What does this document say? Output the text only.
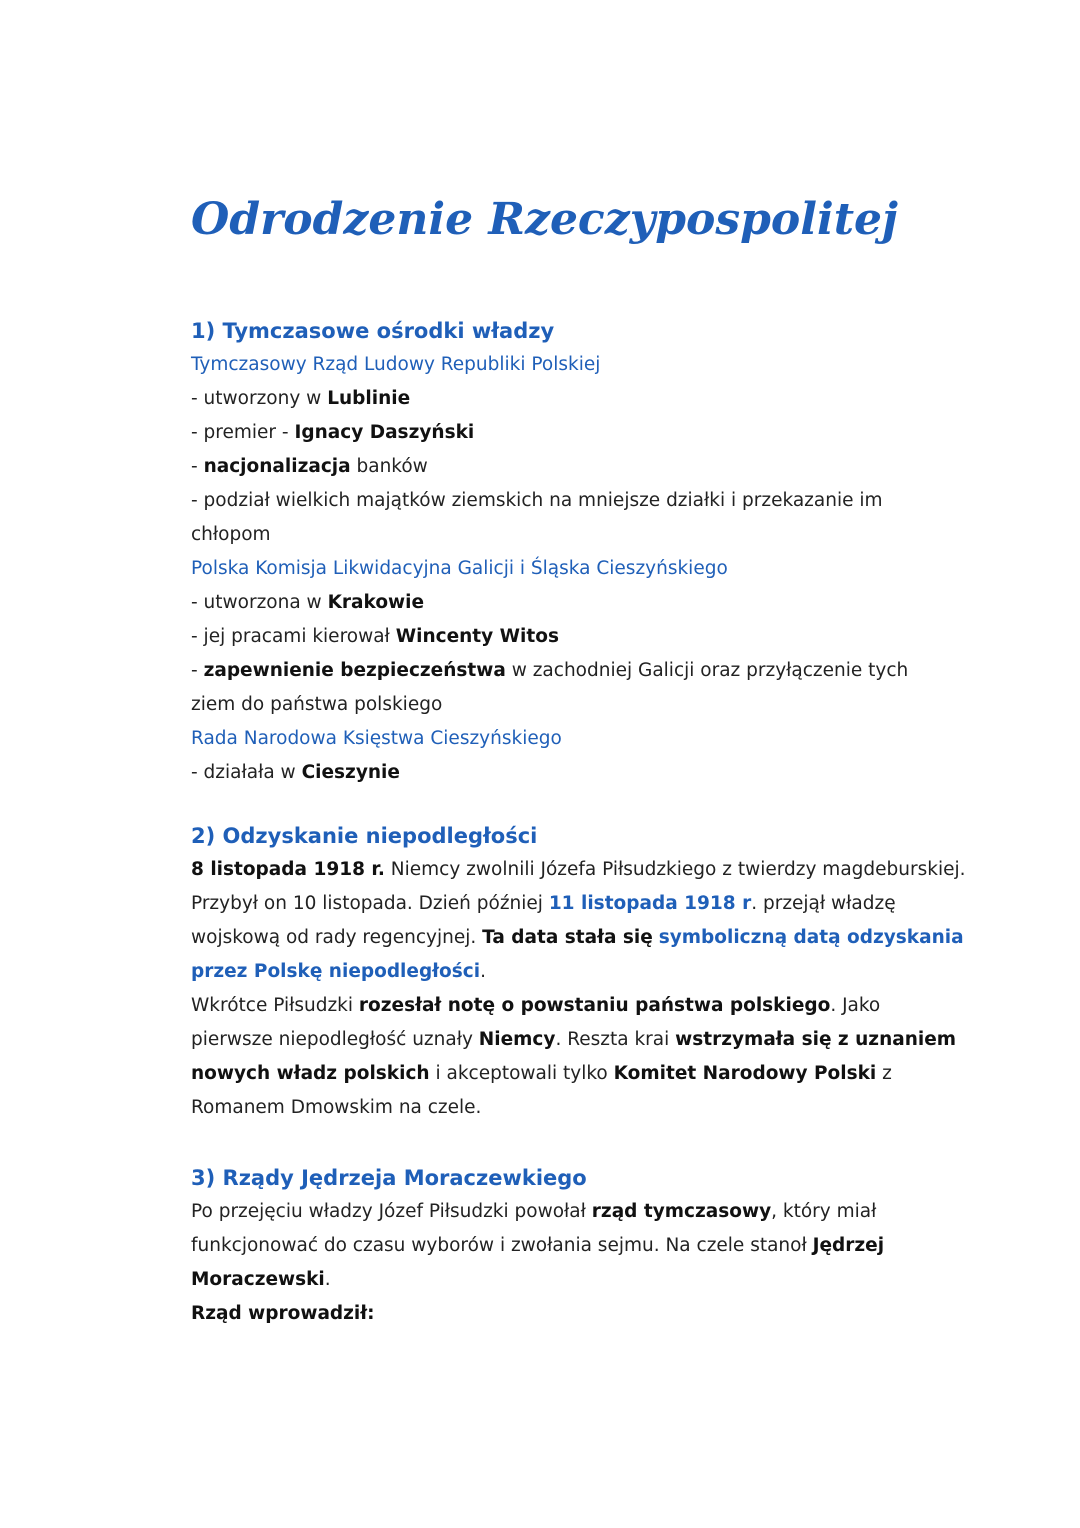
Odrodzenie Rzeczypospolitej
1) Tymczasowe ośrodki władzy

Tymczasowy Rząd Ludowy Republiki Polskiej

- utworzony w Lublinie

- premier - Ignacy Daszyński

- nacjonalizacja banków

- podział wielkich majątków ziemskich na mniejsze działki i przekazanie im chłopom

Polska Komisja Likwidacyjna Galicji i Śląska Cieszyńskiego

- utworzona w Krakowie

- jej pracami kierował Wincenty Witos

- zapewnienie bezpieczeństwa w zachodniej Galicji oraz przyłączenie tych ziem do państwa polskiego

Rada Narodowa Księstwa Cieszyńskiego

- działała w Cieszynie

2) Odzyskanie niepodległości

8 listopada 1918 r. Niemcy zwolnili Józefa Piłsudzkiego z twierdzy magdeburskiej. Przybył on 10 listopada. Dzień później 11 listopada 1918 r. przejął władzę wojskową od rady regencyjnej. Ta data stała się symboliczną datą odzyskania przez Polskę niepodległości.

Wkrótce Piłsudzki rozesłał notę o powstaniu państwa polskiego. Jako pierwsze niepodległość uznały Niemcy. Reszta krai wstrzymała się z uznaniem nowych władz polskich i akceptowali tylko Komitet Narodowy Polski z Romanem Dmowskim na czele.

3) Rządy Jędrzeja Moraczewkiego

Po przejęciu władzy Józef Piłsudzki powołał rząd tymczasowy, który miał funkcjonować do czasu wyborów i zwołania sejmu. Na czele stanoł Jędrzej Moraczewski.

Rząd wprowadził:
